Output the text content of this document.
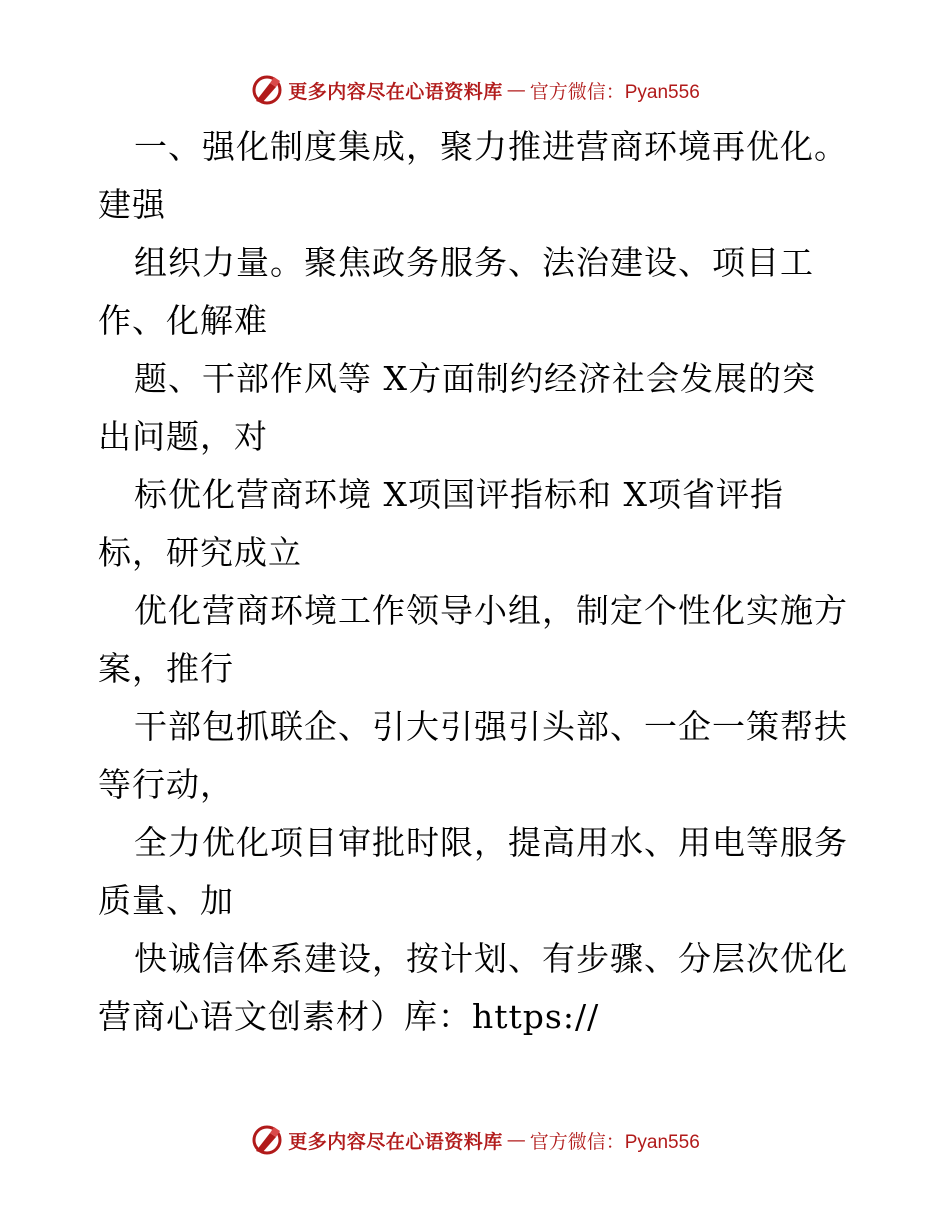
更多内容尽在心语资料库 — 官方微信：Pyan556
一、强化制度集成，聚力推进营商环境再优化。
建强
组织力量。聚焦政务服务、法治建设、项目工
作、化解难
题、干部作风等 X方面制约经济社会发展的突
出问题，对
标优化营商环境 X项国评指标和 X项省评指
标，研究成立
优化营商环境工作领导小组，制定个性化实施方
案，推行
干部包抓联企、引大引强引头部、一企一策帮扶
等行动，
全力优化项目审批时限，提高用水、用电等服务
质量、加
快诚信体系建设，按计划、有步骤、分层次优化
营商心语文创素材）库：https://
更多内容尽在心语资料库 — 官方微信：Pyan556
